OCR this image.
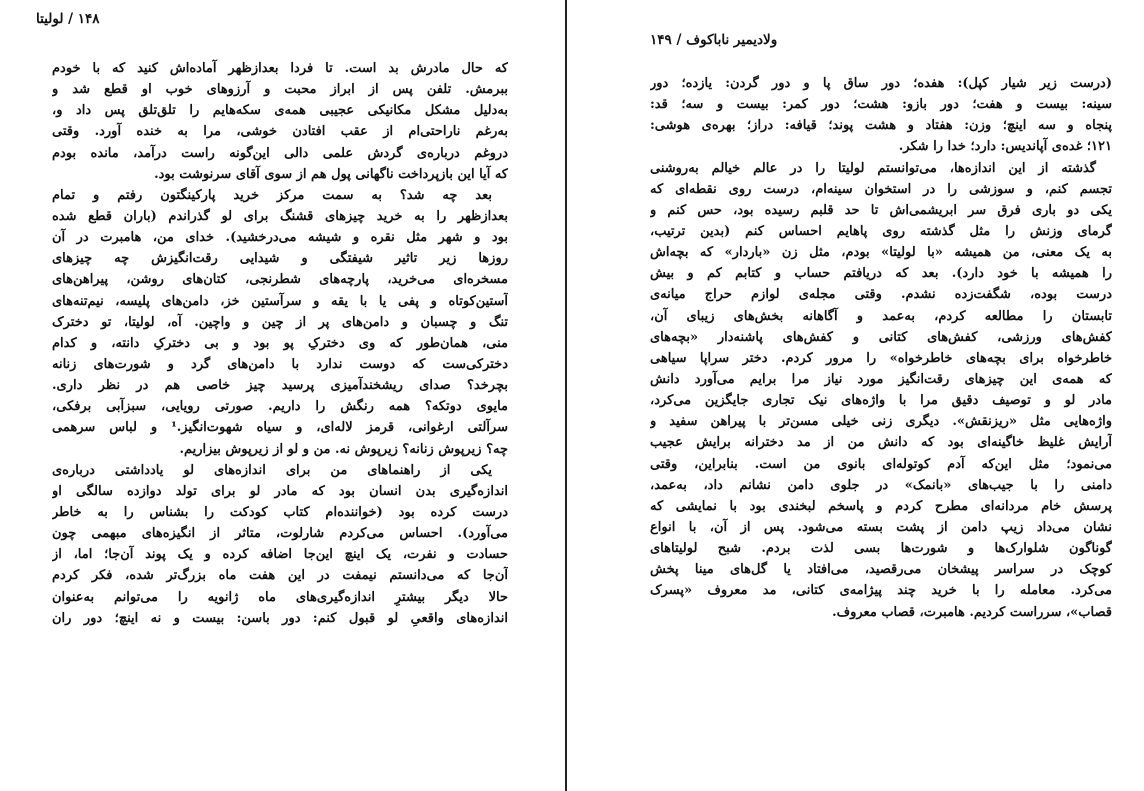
۱۴۸ / لولیتا
که حال مادرش بد است. تا فردا بعدازظهر آماده‌اش کنید که با خودم
ببرمش. تلفن پس از ابراز محبت و آرزوهای خوب او قطع شد و
به‌دلیل مشکل مکانیکی عجیبی همه‌ی سکه‌هایم را تلق‌تلق پس داد و،
به‌رغم ناراحتی‌ام از عقب افتادن خوشی، مرا به خنده آورد. وقتی
دروغم درباره‌ی گردش علمی دالی این‌گونه راست درآمد، مانده بودم
که آیا این بازپرداخت ناگهانی پول هم از سوی آقای سرنوشت بود.
بعد چه شد؟ به سمت مرکز خرید پارکینگتون رفتم و تمام
بعدازظهر را به خرید چیزهای قشنگ برای لو گذراندم (باران قطع شده
بود و شهر مثل نقره و شیشه می‌درخشید). خدای من، هامبرت در آن
روزها زیر تاثیر شیفتگی و شیدایی رقت‌انگیزش چه چیزهای
مسخره‌ای می‌خرید، پارچه‌های شطرنجی، کتان‌های روشن، پیراهن‌های
آستین‌کوتاه و پفی یا با یقه و سرآستین خز، دامن‌های پلیسه، نیم‌تنه‌های
تنگ و چسبان و دامن‌های پر از چین و واچین. آه، لولیتا، تو دخترک
منی، همان‌طور که وی دخترکِ پو بود و بی دخترکِ دانته، و کدام
دخترکی‌ست که دوست ندارد با دامن‌های گرد و شورت‌های زنانه
بچرخد؟ صدای ریشخندآمیزی پرسید چیز خاصی هم در نظر داری.
مایوی دوتکه؟ همه رنگش را داریم. صورتی رویایی، سبزآبی برفکی،
سرآلتی ارغوانی، قرمز لاله‌ای، و سیاه شهوت‌انگیز.¹ و لباس سرهمی
چه؟ زیرپوش زنانه؟ زیرپوش نه. من و لو از زیرپوش بیزاریم.
یکی از راهنماهای من برای اندازه‌های لو یادداشتی درباره‌ی
اندازه‌گیری بدن انسان بود که مادر لو برای تولد دوازده سالگی او
درست کرده بود (خواننده‌ام کتاب کودکت را بشناس را به خاطر
می‌آورد). احساس می‌کردم شارلوت، متاثر از انگیزه‌های مبهمی چون
حسادت و نفرت، یک اینچ این‌جا اضافه کرده و یک پوند آن‌جا؛ اما، از
آن‌جا که می‌دانستم نیمفت در این هفت ماه بزرگ‌تر شده، فکر کردم
حالا دیگر بیشترِ اندازه‌گیری‌های ماه ژانویه را می‌توانم به‌عنوان
اندازه‌های واقعیِ لو قبول کنم: دور باسن: بیست و نه اینچ؛ دور ران
ولادیمیر ناباکوف / ۱۴۹
(درست زیر شیار کپل): هفده؛ دور ساق پا و دور گردن: یازده؛ دور
سینه: بیست و هفت؛ دور بازو: هشت؛ دور کمر: بیست و سه؛ قد:
پنجاه و سه اینچ؛ وزن: هفتاد و هشت پوند؛ قیافه: دراز؛ بهره‌ی هوشی:
۱۲۱؛ غده‌ی آپاندیس: دارد؛ خدا را شکر.
گذشته از این اندازه‌ها، می‌توانستم لولیتا را در عالم خیالم به‌روشنی
تجسم کنم، و سوزشی را در استخوان سینه‌ام، درست روی نقطه‌ای که
یکی دو باری فرق سر ابریشمی‌اش تا حد قلبم رسیده بود، حس کنم و
گرمای وزنش را مثل گذشته روی پاهایم احساس کنم (بدین ترتیب،
به یک معنی، من همیشه «با لولیتا» بودم، مثل زن «باردار» که بچه‌اش
را همیشه با خود دارد). بعد که دریافتم حساب و کتابم کم و بیش
درست بوده، شگفت‌زده نشدم. وقتی مجله‌ی لوازم حراج میانه‌ی
تابستان را مطالعه کردم، به‌عمد و آگاهانه بخش‌های زیبای آن،
کفش‌های ورزشی، کفش‌های کتانی و کفش‌های پاشنه‌دار «بچه‌های
خاطرخواه برای بچه‌های خاطرخواه» را مرور کردم. دختر سراپا سیاهی
که همه‌ی این چیزهای رقت‌انگیز مورد نیاز مرا برایم می‌آورد دانش
مادر لو و توصیف دقیق مرا با واژه‌های نیک تجاری جایگزین می‌کرد،
واژه‌هایی مثل «ریزنقش». دیگری زنی خیلی مسن‌تر با پیراهن سفید و
آرایش غلیظ خاگینه‌ای بود که دانش من از مد دخترانه برایش عجیب
می‌نمود؛ مثل این‌که آدم کوتوله‌ای بانوی من است. بنابراین، وقتی
دامنی را با جیب‌های «بانمک» در جلوی دامن نشانم داد، به‌عمد،
پرسش خام مردانه‌ای مطرح کردم و پاسخم لبخندی بود با نمایشی که
نشان می‌داد زیپ دامن از پشت بسته می‌شود. پس از آن، با انواع
گوناگون شلوارک‌ها و شورت‌ها بسی لذت بردم. شبح لولیتاهای
کوچک در سراسر پیشخان می‌رقصید، می‌افتاد یا گل‌های مینا پخش
می‌کرد. معامله را با خرید چند پیژامه‌ی کتانی، مد معروف «پسرک
قصاب»، سرراست کردیم. هامبرت، قصاب معروف.
